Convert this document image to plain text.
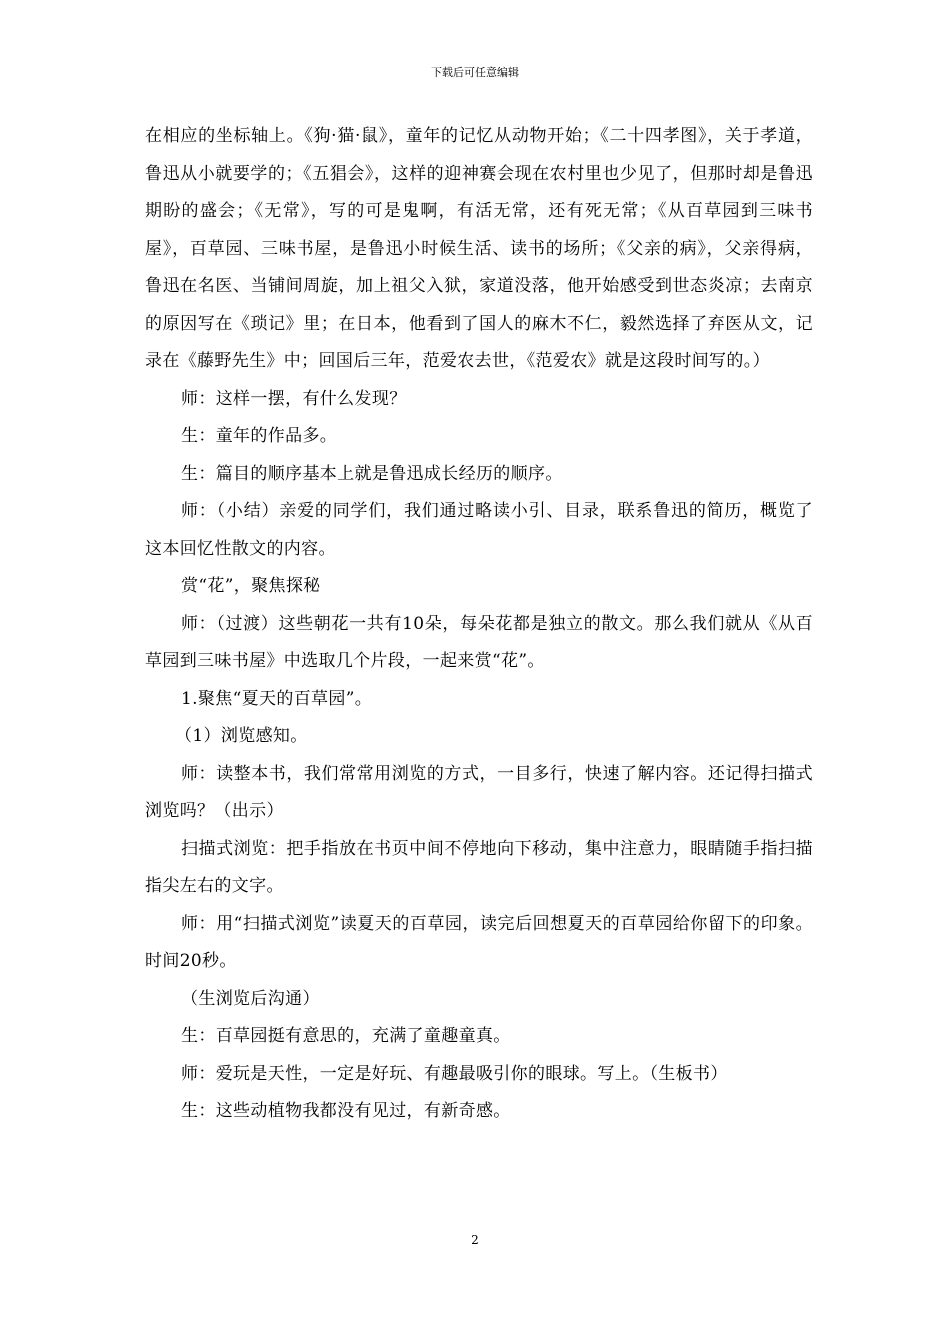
下载后可任意编辑

在相应的坐标轴上。《狗·猫·鼠》，童年的记忆从动物开始；《二十四孝图》，关于孝道，鲁迅从小就要学的；《五猖会》，这样的迎神赛会现在农村里也少见了，但那时却是鲁迅期盼的盛会；《无常》，写的可是鬼啊，有活无常，还有死无常；《从百草园到三味书屋》，百草园、三味书屋，是鲁迅小时候生活、读书的场所；《父亲的病》，父亲得病，鲁迅在名医、当铺间周旋，加上祖父入狱，家道没落，他开始感受到世态炎凉；去南京的原因写在《琐记》里；在日本，他看到了国人的麻木不仁，毅然选择了弃医从文，记录在《藤野先生》中；回国后三年，范爱农去世，《范爱农》就是这段时间写的。）

师：这样一摆，有什么发现？

生：童年的作品多。

生：篇目的顺序基本上就是鲁迅成长经历的顺序。

师：（小结）亲爱的同学们，我们通过略读小引、目录，联系鲁迅的简历，概览了这本回忆性散文的内容。

赏“花”，聚焦探秘

师：（过渡）这些朝花一共有10朵，每朵花都是独立的散文。那么我们就从《从百草园到三味书屋》中选取几个片段，一起来赏“花”。

1.聚焦“夏天的百草园”。

（1）浏览感知。

师：读整本书，我们常常用浏览的方式，一目多行，快速了解内容。还记得扫描式浏览吗？（出示）

扫描式浏览：把手指放在书页中间不停地向下移动，集中注意力，眼睛随手指扫描指尖左右的文字。

师：用“扫描式浏览”读夏天的百草园，读完后回想夏天的百草园给你留下的印象。时间20秒。

（生浏览后沟通）

生：百草园挺有意思的，充满了童趣童真。

师：爱玩是天性，一定是好玩、有趣最吸引你的眼球。写上。（生板书）

生：这些动植物我都没有见过，有新奇感。

2
